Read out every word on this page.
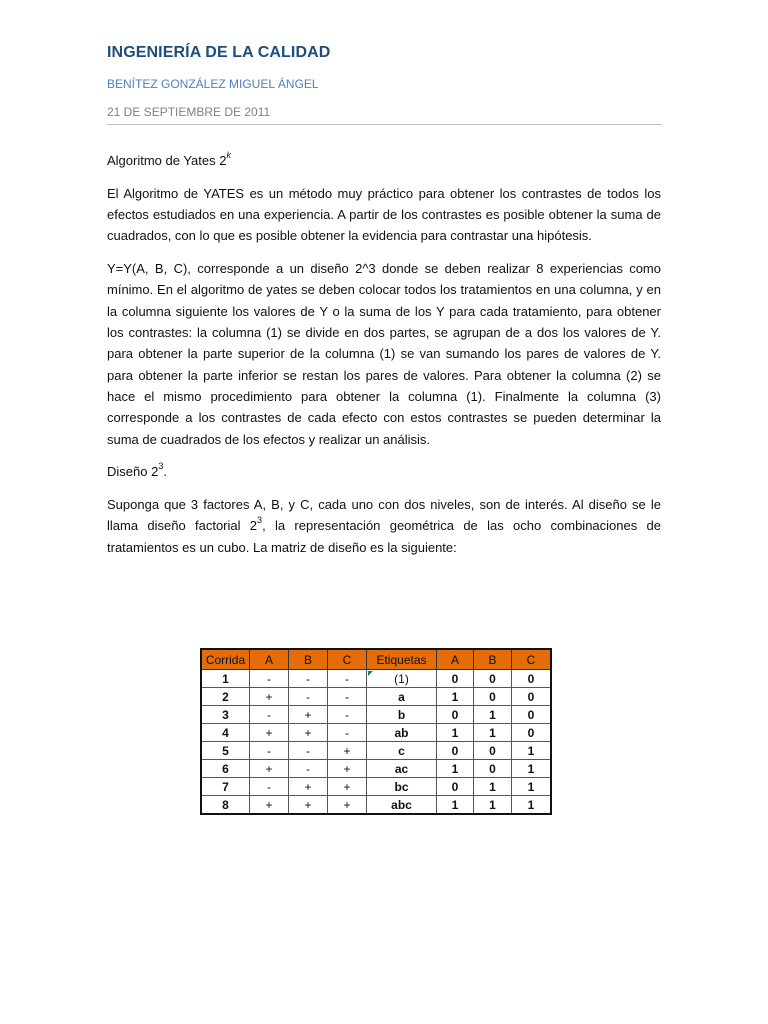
INGENIERÍA DE LA CALIDAD
BENÍTEZ GONZÁLEZ MIGUEL ÁNGEL
21 DE SEPTIEMBRE DE 2011

Algoritmo de Yates 2$^k$

El Algoritmo de YATES es un método muy práctico para obtener los contrastes de todos los efectos estudiados en una experiencia. A partir de los contrastes es posible obtener la suma de cuadrados, con lo que es posible obtener la evidencia para contrastar una hipótesis.

Y=Y(A, B, C), corresponde a un diseño 2^3 donde se deben realizar 8 experiencias como mínimo. En el algoritmo de yates se deben colocar todos los tratamientos en una columna, y en la columna siguiente los valores de Y o la suma de los Y para cada tratamiento, para obtener los contrastes: la columna (1) se divide en dos partes, se agrupan de a dos los valores de Y. para obtener la parte superior de la columna (1) se van sumando los pares de valores de Y. para obtener la parte inferior se restan los pares de valores. Para obtener la columna (2) se hace el mismo procedimiento para obtener la columna (1). Finalmente la columna (3) corresponde a los contrastes de cada efecto con estos contrastes se pueden determinar la suma de cuadrados de los efectos y realizar un análisis.

Diseño $2^3$.

Suponga que 3 factores A, B, y C, cada uno con dos niveles, son de interés. Al diseño se le llama diseño factorial $2^3$, la representación geométrica de las ocho combinaciones de tratamientos es un cubo. La matriz de diseño es la siguiente:

Corrida	A	B	C	Etiquetas	A	B	C
1	-	-	-	(1)	0	0	0
2	+	-	-	a	1	0	0
3	-	+	-	b	0	1	0
4	+	+	-	ab	1	1	0
5	-	-	+	c	0	0	1
6	+	-	+	ac	1	0	1
7	-	+	+	bc	0	1	1
8	+	+	+	abc	1	1	1
